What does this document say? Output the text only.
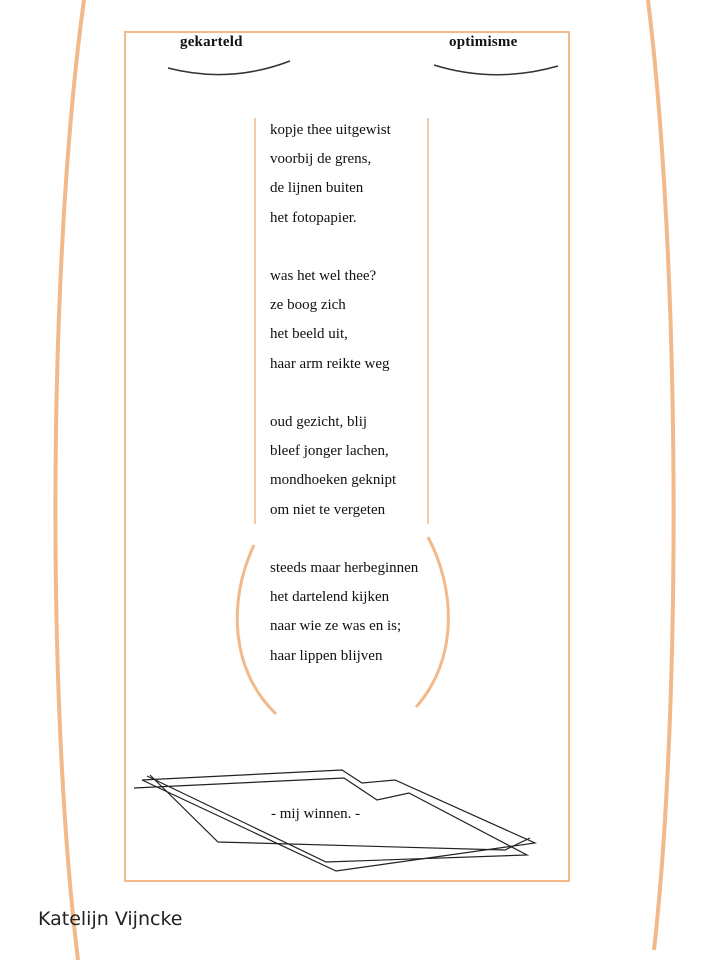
gekarteld	optimisme

kopje thee uitgewist
voorbij de grens,
de lijnen buiten
het fotopapier.

was het wel thee?
ze boog zich
het beeld uit,
haar arm reikte weg

oud gezicht, blij
bleef jonger lachen,
mondhoeken geknipt
om niet te vergeten

steeds maar herbeginnen
het dartelend kijken
naar wie ze was en is;
haar lippen blijven

- mij winnen. -
Katelijn Vijncke
